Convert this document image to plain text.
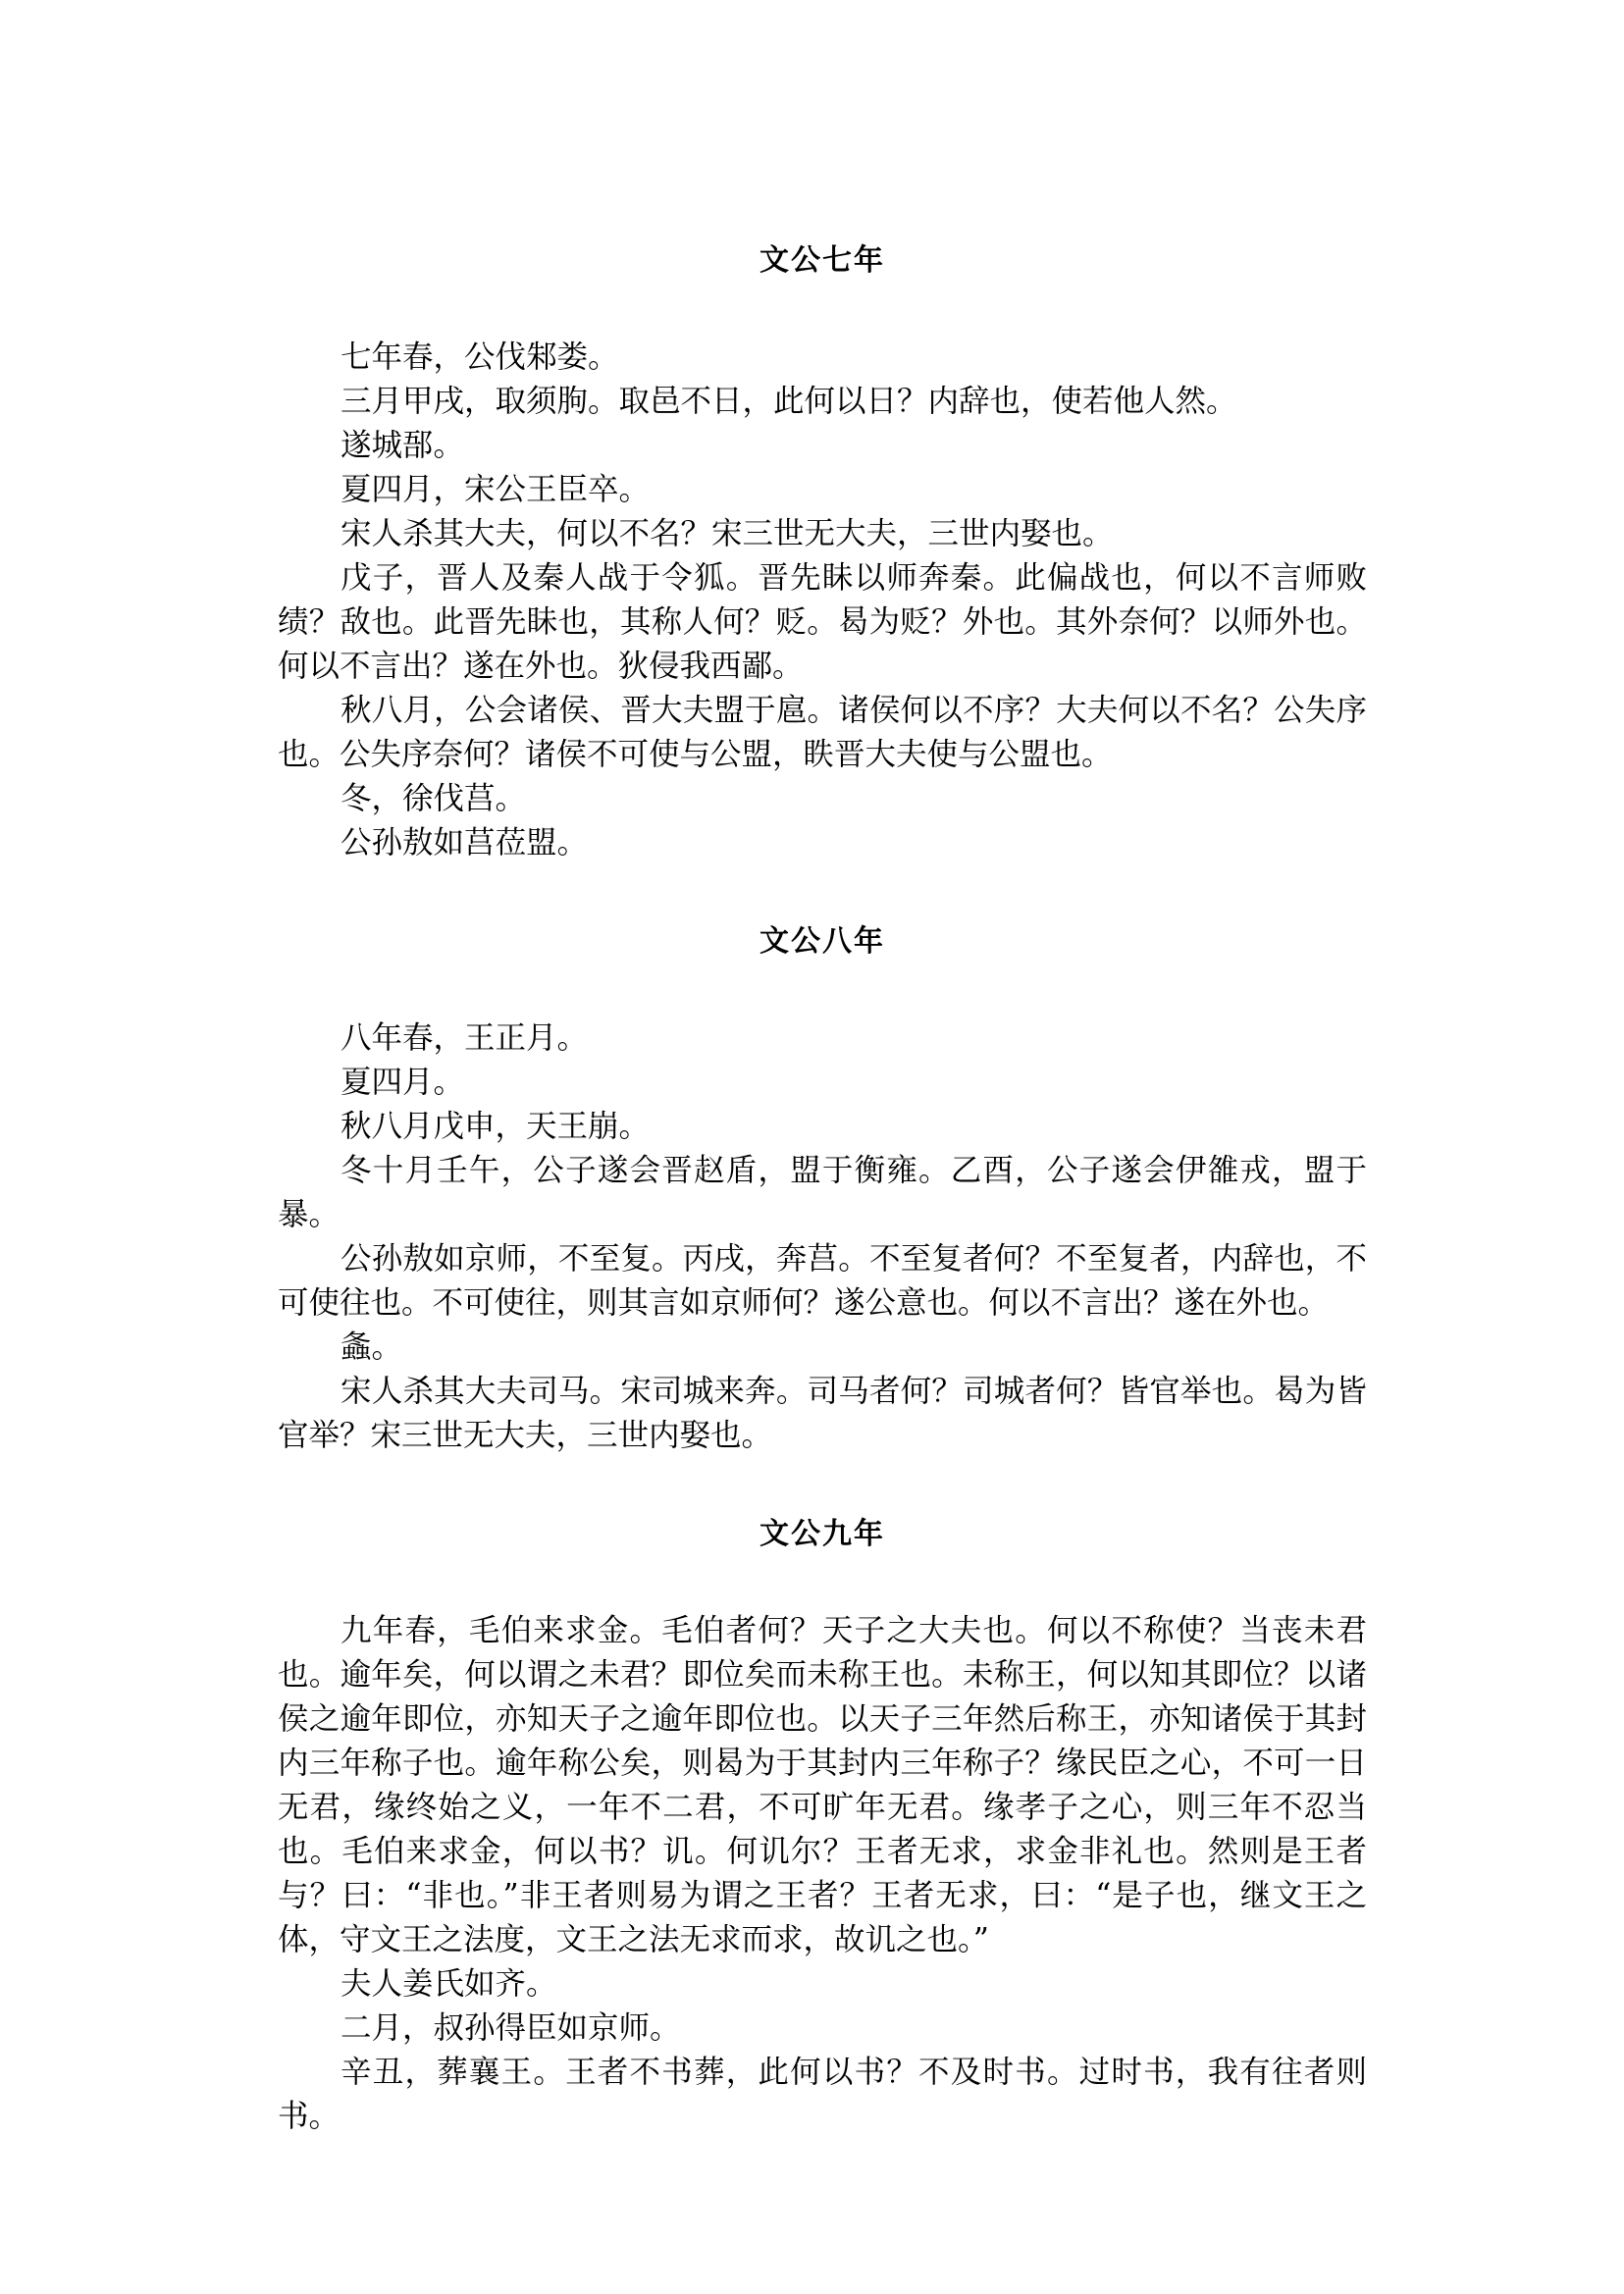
文公七年

七年春，公伐邾娄。

三月甲戌，取须朐。取邑不日，此何以日？内辞也，使若他人然。

遂城郚。

夏四月，宋公王臣卒。

宋人杀其大夫，何以不名？宋三世无大夫，三世内娶也。

戊子，晋人及秦人战于令狐。晋先眛以师奔秦。此偏战也，何以不言师败绩？敌也。此晋先眛也，其称人何？贬。曷为贬？外也。其外奈何？以师外也。何以不言出？遂在外也。狄侵我西鄙。

秋八月，公会诸侯、晋大夫盟于扈。诸侯何以不序？大夫何以不名？公失序也。公失序奈何？诸侯不可使与公盟，眣晋大夫使与公盟也。

冬，徐伐莒。

公孙敖如莒莅盟。

文公八年

八年春，王正月。

夏四月。

秋八月戊申，天王崩。

冬十月壬午，公子遂会晋赵盾，盟于衡雍。乙酉，公子遂会伊雒戎，盟于暴。

公孙敖如京师，不至复。丙戌，奔莒。不至复者何？不至复者，内辞也，不可使往也。不可使往，则其言如京师何？遂公意也。何以不言出？遂在外也。

螽。

宋人杀其大夫司马。宋司城来奔。司马者何？司城者何？皆官举也。曷为皆官举？宋三世无大夫，三世内娶也。

文公九年

九年春，毛伯来求金。毛伯者何？天子之大夫也。何以不称使？当丧未君也。逾年矣，何以谓之未君？即位矣而未称王也。未称王，何以知其即位？以诸侯之逾年即位，亦知天子之逾年即位也。以天子三年然后称王，亦知诸侯于其封内三年称子也。逾年称公矣，则曷为于其封内三年称子？缘民臣之心，不可一日无君，缘终始之义，一年不二君，不可旷年无君。缘孝子之心，则三年不忍当也。毛伯来求金，何以书？讥。何讥尔？王者无求，求金非礼也。然则是王者与？曰：“非也。”非王者则易为谓之王者？王者无求，曰：“是子也，继文王之体，守文王之法度，文王之法无求而求，故讥之也。”

夫人姜氏如齐。

二月，叔孙得臣如京师。

辛丑，葬襄王。王者不书葬，此何以书？不及时书。过时书，我有往者则书。
